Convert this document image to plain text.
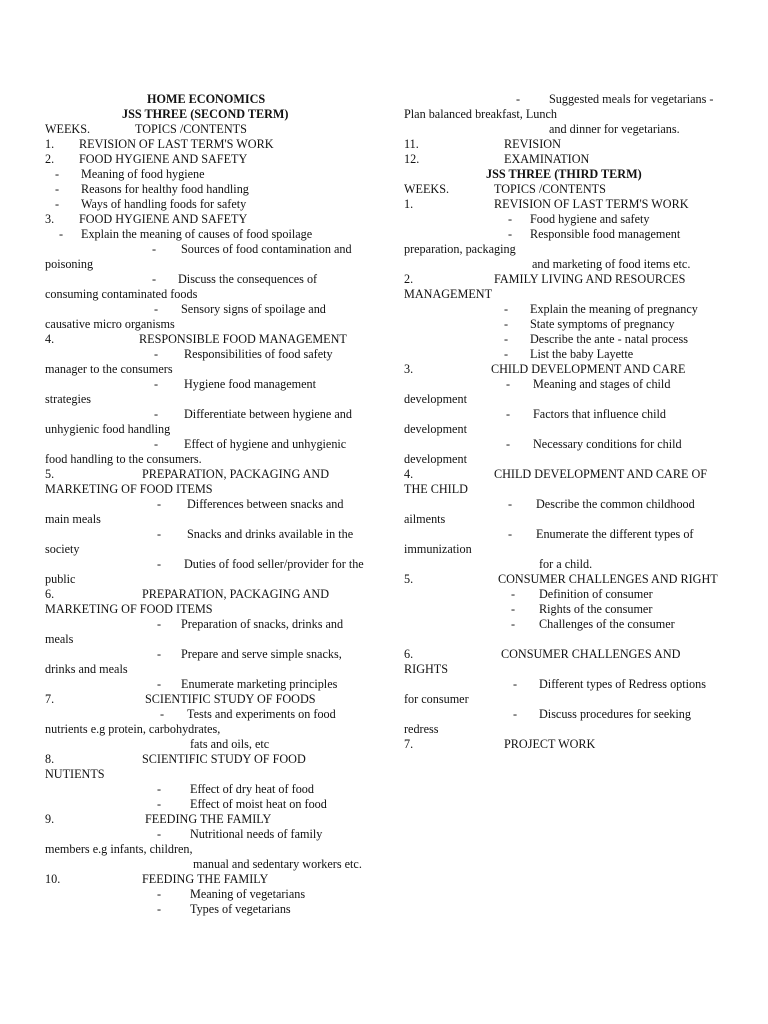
HOME ECONOMICS
JSS THREE (SECOND TERM)
WEEKS.	TOPICS /CONTENTS
1. REVISION OF LAST TERM'S WORK
2. FOOD HYGIENE AND SAFETY
- Meaning of food hygiene
- Reasons for healthy food handling
- Ways of handling foods for safety
3. FOOD HYGIENE AND SAFETY
- Explain the meaning of causes of food spoilage
- Sources of food contamination and
poisoning
- Discuss the consequences of
consuming contaminated foods
- Sensory signs of spoilage and
causative micro organisms
4.	RESPONSIBLE FOOD MANAGEMENT
- Responsibilities of food safety
manager to the consumers
- Hygiene food management
strategies
- Differentiate between hygiene and
unhygienic food handling
- Effect of hygiene and unhygienic
food handling to the consumers.
5.	PREPARATION, PACKAGING AND
MARKETING OF FOOD ITEMS
- Differences between snacks and
main meals
- Snacks and drinks available in the
society
- Duties of food seller/provider for the
public
6.	PREPARATION, PACKAGING AND
MARKETING OF FOOD ITEMS
- Preparation of snacks, drinks and
meals
- Prepare and serve simple snacks,
drinks and meals
- Enumerate marketing principles
7.	SCIENTIFIC STUDY OF FOODS
- Tests and experiments on food
nutrients e.g protein, carbohydrates,
fats and oils, etc
8.	SCIENTIFIC STUDY OF FOOD
NUTIENTS
- Effect of dry heat of food
- Effect of moist heat on food
9.	FEEDING THE FAMILY
- Nutritional needs of family
members e.g infants, children,
manual and sedentary workers etc.
10.	FEEDING THE FAMILY
- Meaning of vegetarians
- Types of vegetarians
- Suggested meals for vegetarians -
Plan balanced breakfast, Lunch
and dinner for vegetarians.
11.	REVISION
12.	EXAMINATION
JSS THREE (THIRD TERM)
WEEKS.	TOPICS /CONTENTS
1.	REVISION OF LAST TERM'S WORK
- Food hygiene and safety
- Responsible food management
preparation, packaging
and marketing of food items etc.
2.	FAMILY LIVING AND RESOURCES
MANAGEMENT
- Explain the meaning of pregnancy
- State symptoms of pregnancy
- Describe the ante - natal process
- List the baby Layette
3.	CHILD DEVELOPMENT AND CARE
- Meaning and stages of child
development
- Factors that influence child
development
- Necessary conditions for child
development
4.	CHILD DEVELOPMENT AND CARE OF
THE CHILD
- Describe the common childhood
ailments
- Enumerate the different types of
immunization
for a child.
5.	CONSUMER CHALLENGES AND RIGHT
- Definition of consumer
- Rights of the consumer
- Challenges of the consumer
6.	CONSUMER CHALLENGES AND
RIGHTS
- Different types of Redress options
for consumer
- Discuss procedures for seeking
redress
7.	PROJECT WORK
